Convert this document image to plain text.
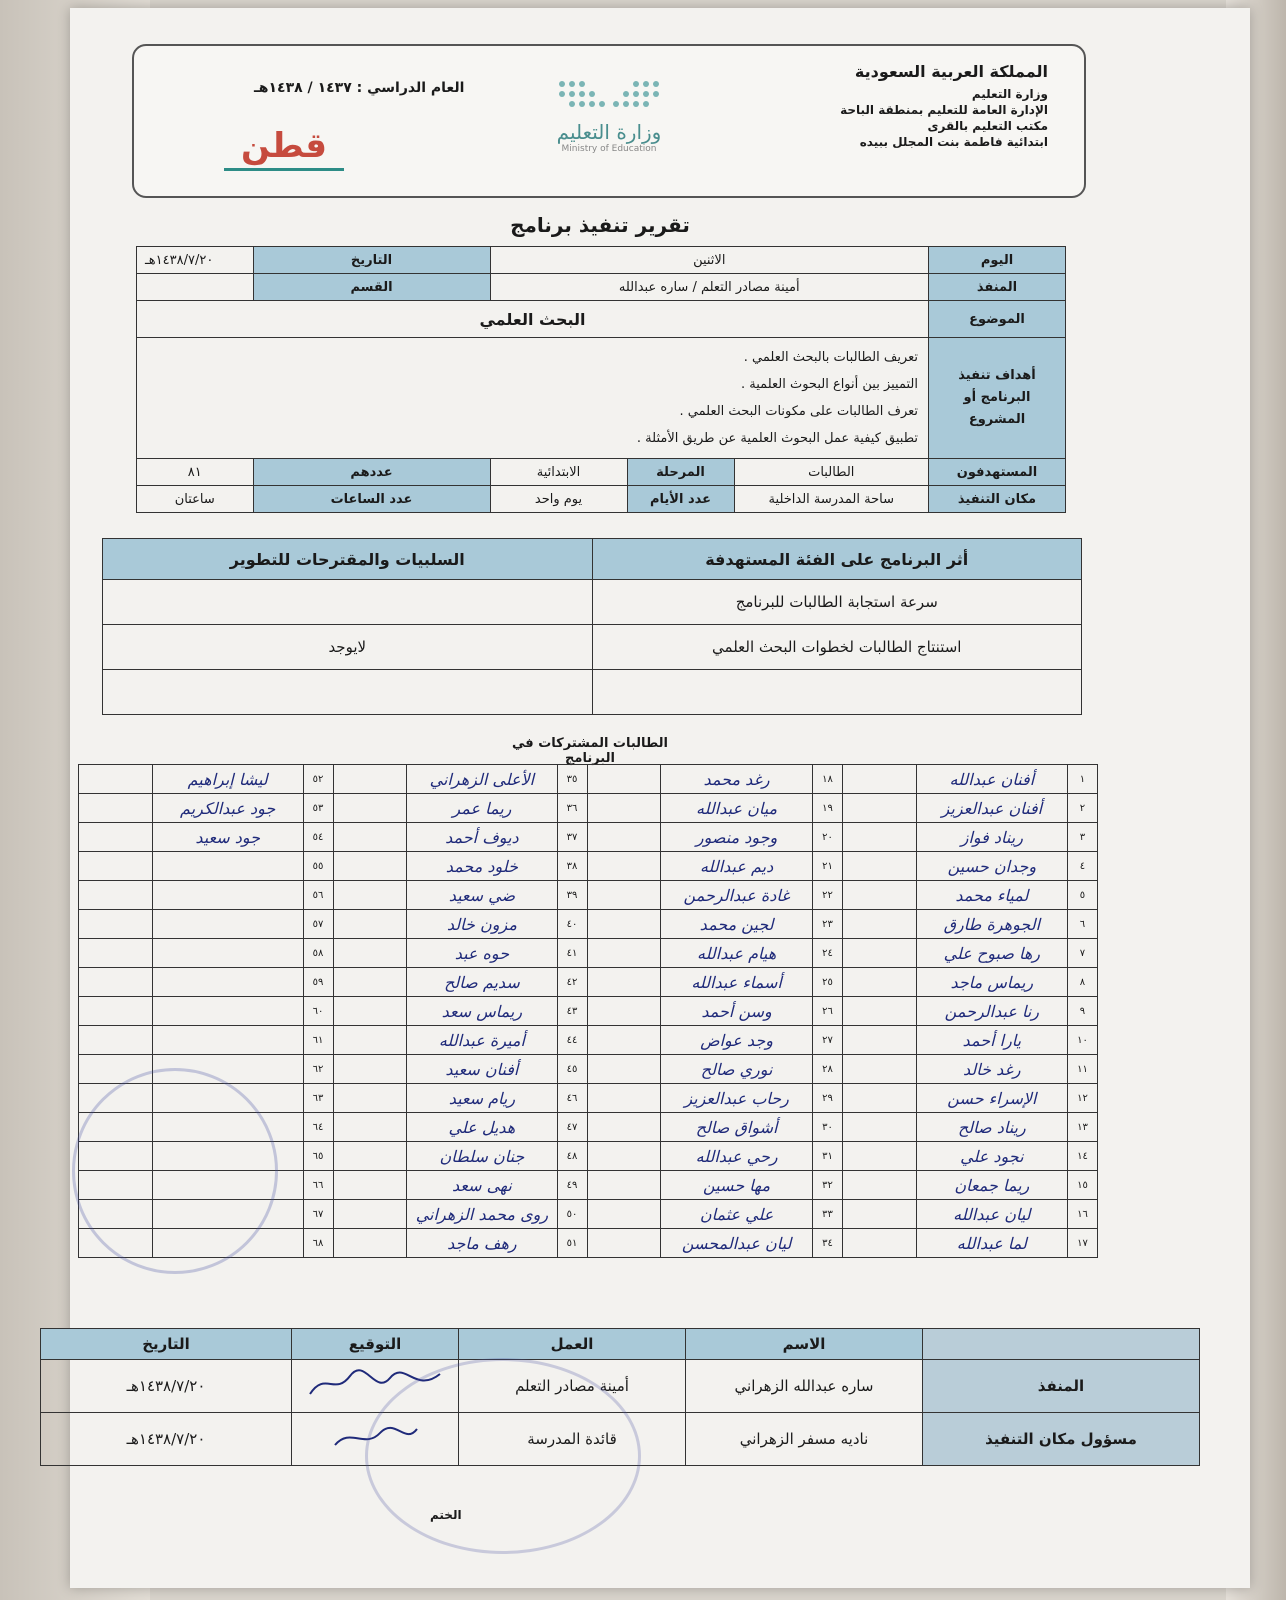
المملكة العربية السعودية
وزارة التعليم
الإدارة العامة للتعليم بمنطقة الباحة
مكتب التعليم بالقرى
ابتدائية فاطمة بنت المجلل ببيده
وزارة التعليم
Ministry of Education
العام الدراسي : ١٤٣٧ / ١٤٣٨هـ
قطن
تقرير تنفيذ برنامج
اليوم	الاثنين			التاريخ	١٤٣٨/٧/٢٠هـ
المنفذ	أمينة مصادر التعلم / ساره عبدالله			القسم	
الموضوع	البحث العلمي				
أهداف تنفيذ البرنامج أو المشروع	تعريف الطالبات بالبحث العلمي .
التمييز بين أنواع البحوث العلمية .
تعرف الطالبات على مكونات البحث العلمي .
تطبيق كيفية عمل البحوث العلمية عن طريق الأمثلة .				

المستهدفون	الطالبات	المرحلة	الابتدائية	عددهم	٨١
مكان التنفيذ	ساحة المدرسة الداخلية	عدد الأيام	يوم واحد	عدد الساعات	ساعتان
أثر البرنامج على الفئة المستهدفة	السلبيات والمقترحات للتطوير
سرعة استجابة الطالبات للبرنامج	
استنتاج الطالبات لخطوات البحث العلمي	لايوجد

الطالبات المشتركات في البرنامج
١	أفنان عبدالله		١٨	رغد محمد		٣٥	الأعلى الزهراني		٥٢	ليشا إبراهيم	
٢	أفنان عبدالعزيز		١٩	ميان عبدالله		٣٦	ريما عمر		٥٣	جود عبدالكريم	
٣	ريناد فواز		٢٠	وجود منصور		٣٧	ديوف أحمد		٥٤	جود سعيد	
٤	وجدان حسين		٢١	ديم عبدالله		٣٨	خلود محمد		٥٥		
٥	لمياء محمد		٢٢	غادة عبدالرحمن		٣٩	ضي سعيد		٥٦		
٦	الجوهرة طارق		٢٣	لجين محمد		٤٠	مزون خالد		٥٧		
٧	رها صبوح علي		٢٤	هيام عبدالله		٤١	حوه عبد		٥٨		
٨	ريماس ماجد		٢٥	أسماء عبدالله		٤٢	سديم صالح		٥٩		
٩	رنا عبدالرحمن		٢٦	وسن أحمد		٤٣	ريماس سعد		٦٠		
١٠	يارا أحمد		٢٧	وجد عواض		٤٤	أميرة عبدالله		٦١		
١١	رغد خالد		٢٨	نوري صالح		٤٥	أفنان سعيد		٦٢		
١٢	الإسراء حسن		٢٩	رحاب عبدالعزيز		٤٦	ريام سعيد		٦٣		
١٣	ريناد صالح		٣٠	أشواق صالح		٤٧	هديل علي		٦٤		
١٤	نجود علي		٣١	رحي عبدالله		٤٨	جنان سلطان		٦٥		
١٥	ريما جمعان		٣٢	مها حسين		٤٩	نهى سعد		٦٦		
١٦	ليان عبدالله		٣٣	علي عثمان		٥٠	روى محمد الزهراني		٦٧		
١٧	لما عبدالله		٣٤	ليان عبدالمحسن		٥١	رهف ماجد		٦٨		
	الاسم	العمل	التوقيع	التاريخ
المنفذ	ساره عبدالله الزهراني	أمينة مصادر التعلم		١٤٣٨/٧/٢٠هـ
مسؤول مكان التنفيذ	ناديه مسفر الزهراني	قائدة المدرسة		١٤٣٨/٧/٢٠هـ
الختم
